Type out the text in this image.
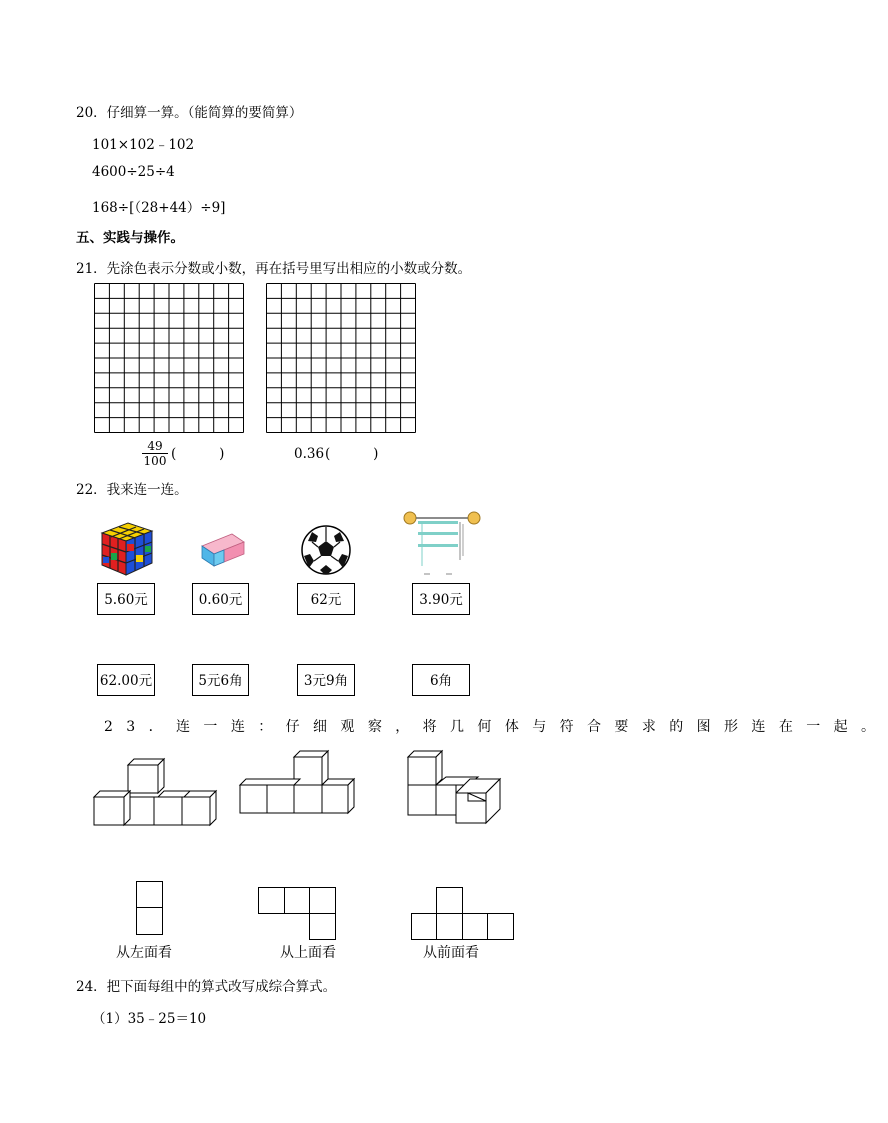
20．仔细算一算。（能简算的要简算）
101×102﹣102
4600÷25÷4
168÷[（28+44）÷9]
五、实践与操作。
21．先涂色表示分数或小数，再在括号里写出相应的小数或分数。
$\frac{49}{100}$ (          )	0.36 (          )
22．我来连一连。
5.60元	0.60元	62元	3.90元
62.00元	5元6角	3元9角	6角
23．连一连：仔细观察，将几何体与符合要求的图形连在一起。
从左面看	从上面看	从前面看
24．把下面每组中的算式改写成综合算式。
（1）35﹣25＝10
